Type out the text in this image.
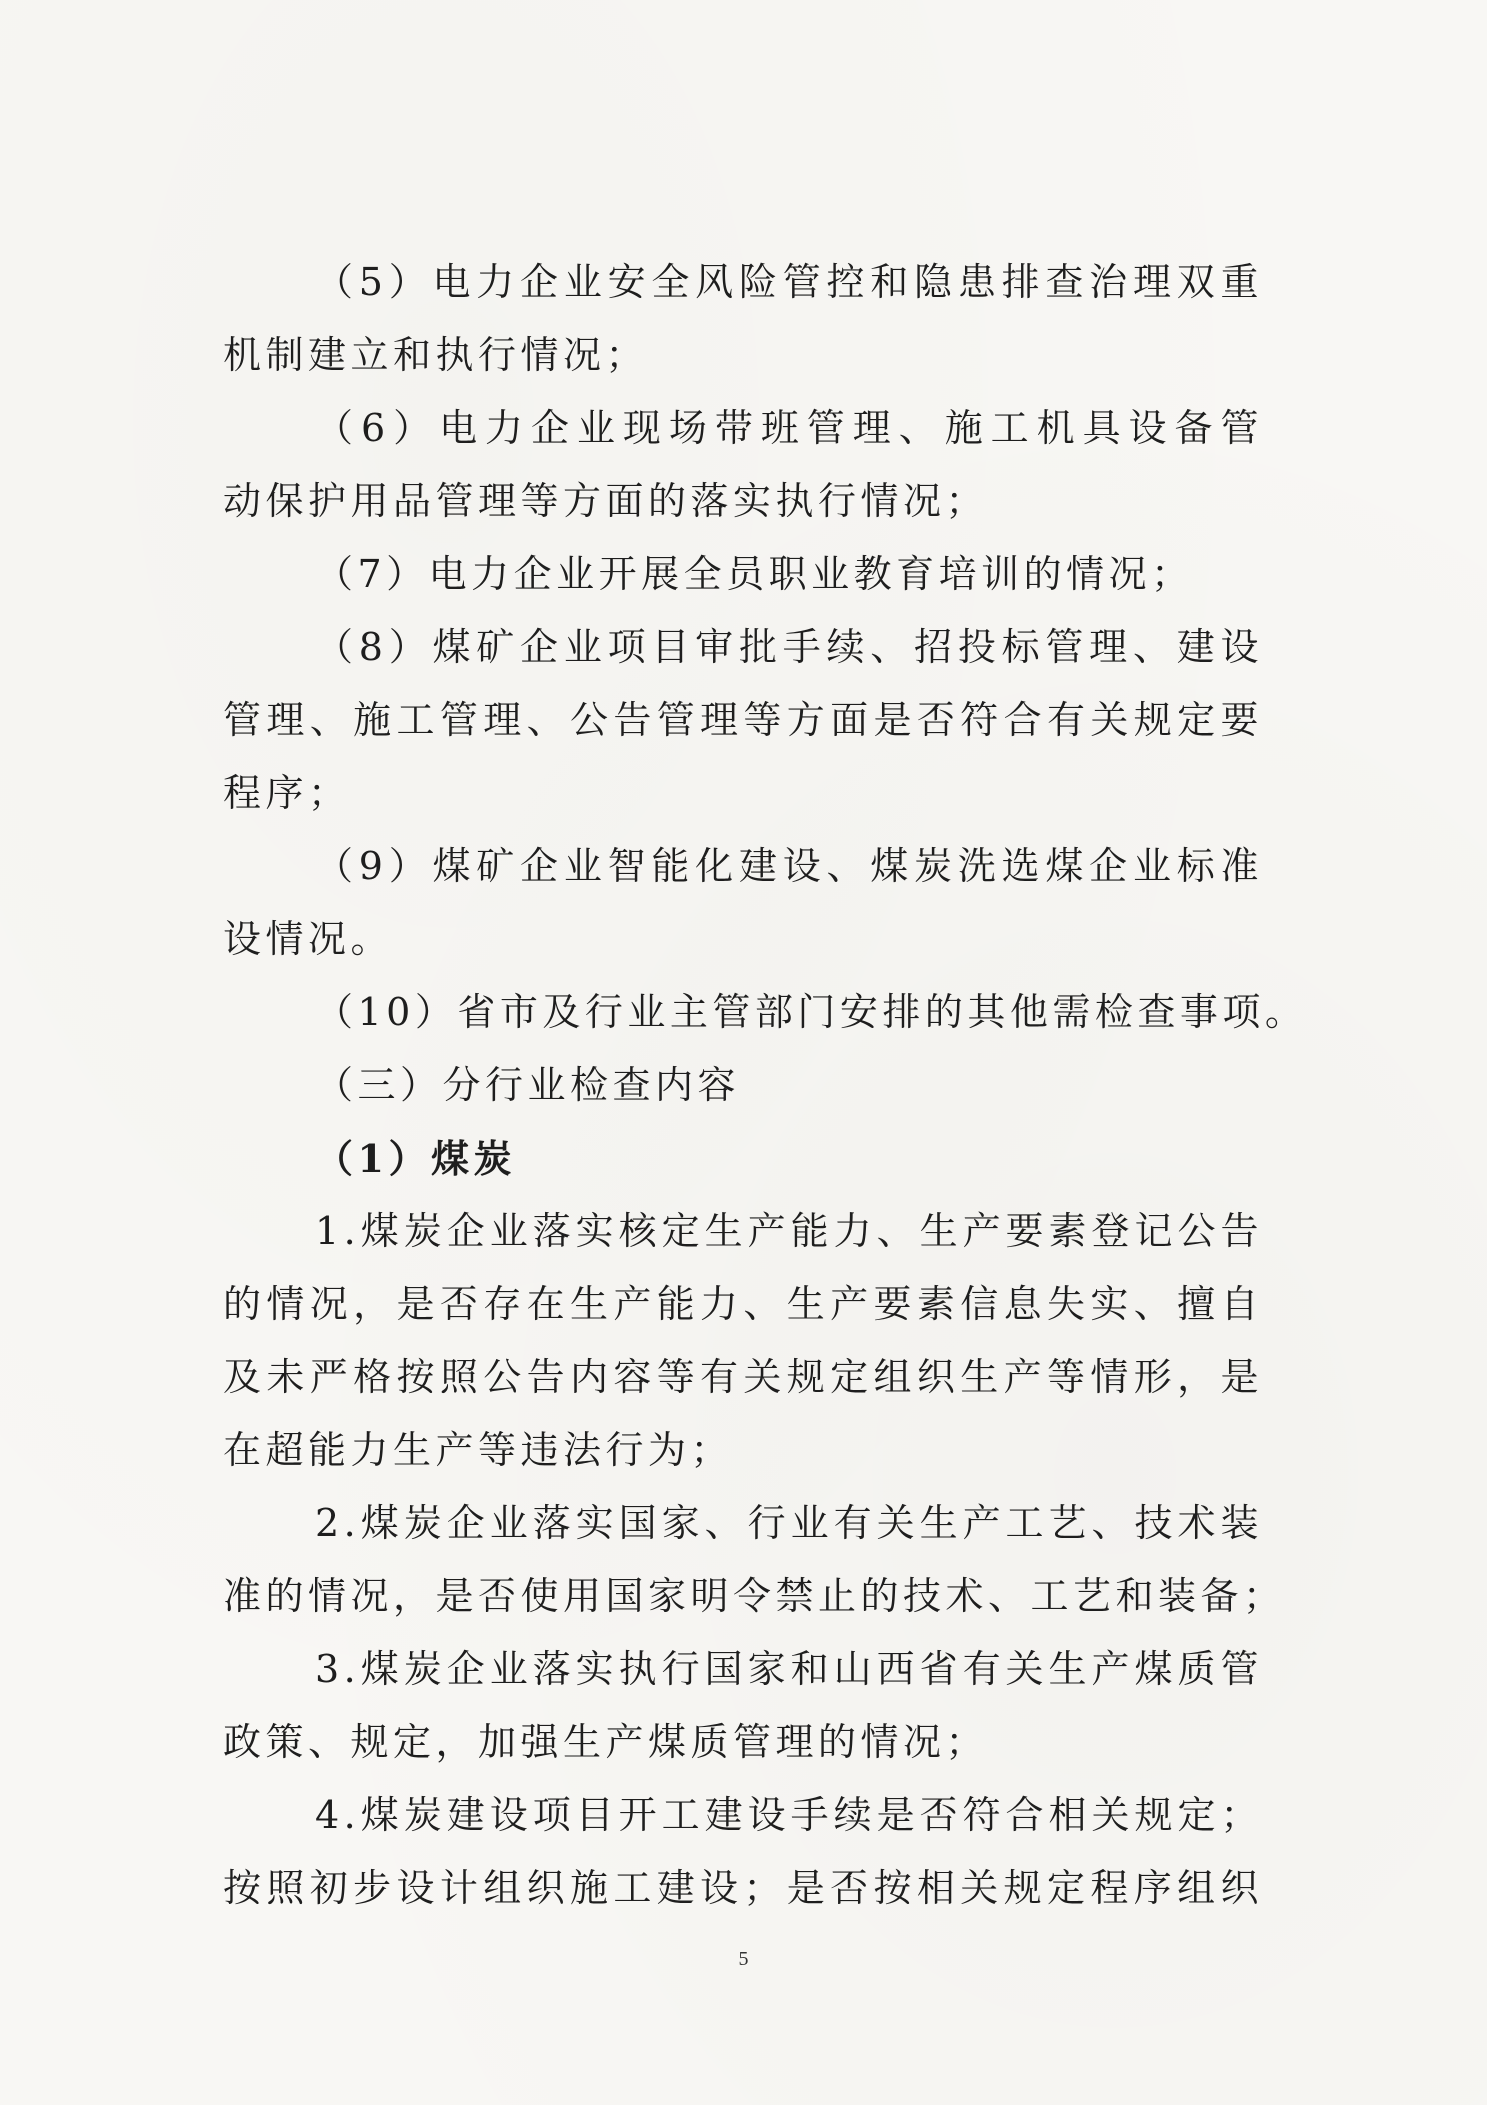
（5）电力企业安全风险管控和隐患排查治理双重
机制建立和执行情况；
（6）电力企业现场带班管理、施工机具设备管
动保护用品管理等方面的落实执行情况；
（7）电力企业开展全员职业教育培训的情况；
（8）煤矿企业项目审批手续、招投标管理、建设
管理、施工管理、公告管理等方面是否符合有关规定要
程序；
（9）煤矿企业智能化建设、煤炭洗选煤企业标准
设情况。
（10）省市及行业主管部门安排的其他需检查事项。
（三）分行业检查内容
（1）煤炭
1.煤炭企业落实核定生产能力、生产要素登记公告
的情况，是否存在生产能力、生产要素信息失实、擅自
及未严格按照公告内容等有关规定组织生产等情形，是
在超能力生产等违法行为；
2.煤炭企业落实国家、行业有关生产工艺、技术装
准的情况，是否使用国家明令禁止的技术、工艺和装备；
3.煤炭企业落实执行国家和山西省有关生产煤质管
政策、规定，加强生产煤质管理的情况；
4.煤炭建设项目开工建设手续是否符合相关规定；
按照初步设计组织施工建设；是否按相关规定程序组织
5
